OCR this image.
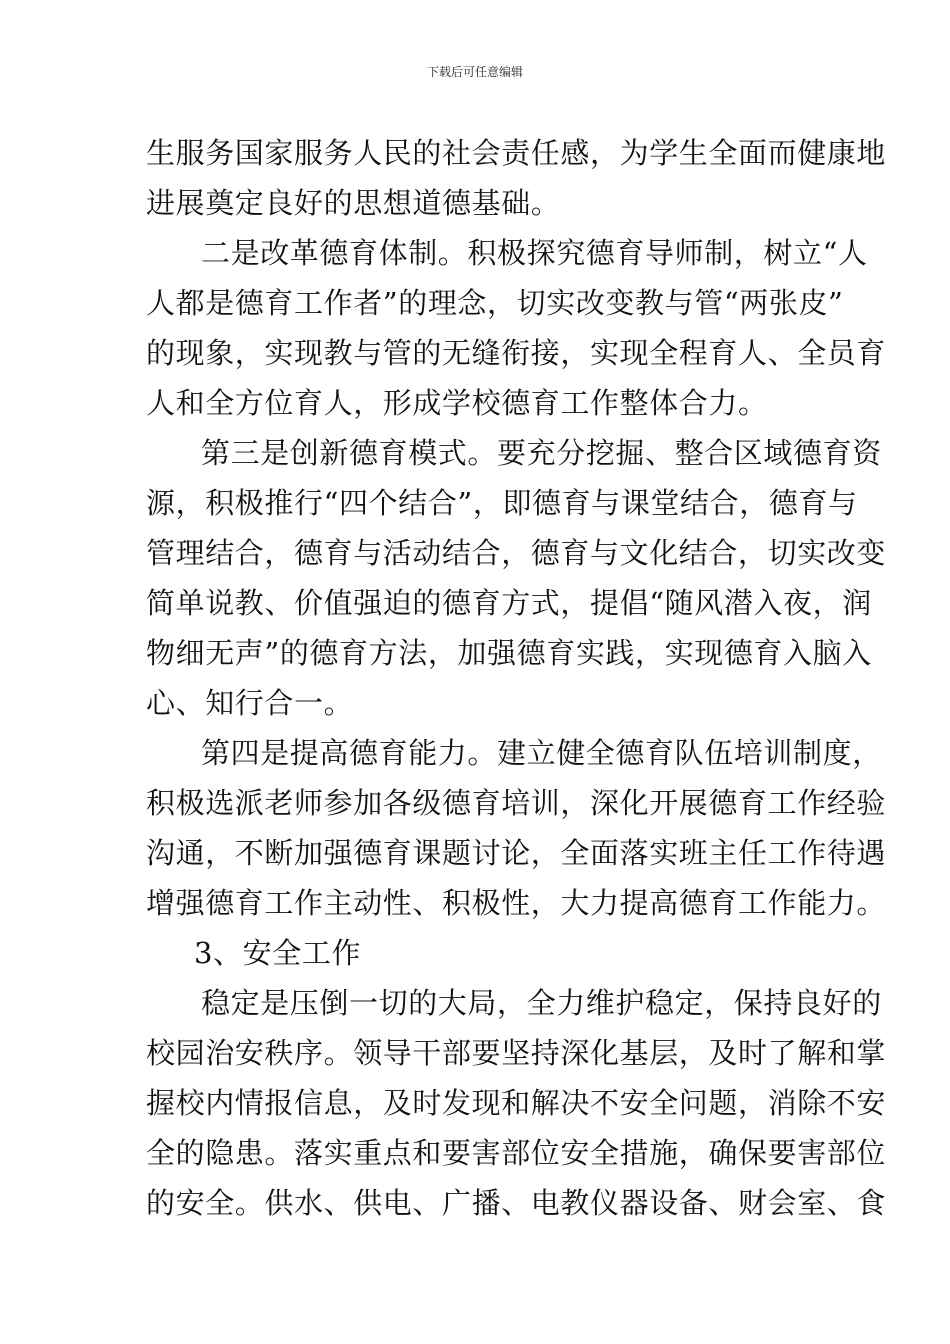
下载后可任意编辑
生服务国家服务人民的社会责任感，为学生全面而健康地
进展奠定良好的思想道德基础。
二是改革德育体制。积极探究德育导师制，树立“人
人都是德育工作者”的理念，切实改变教与管“两张皮”
的现象，实现教与管的无缝衔接，实现全程育人、全员育
人和全方位育人，形成学校德育工作整体合力。
第三是创新德育模式。要充分挖掘、整合区域德育资
源，积极推行“四个结合”，即德育与课堂结合，德育与
管理结合，德育与活动结合，德育与文化结合，切实改变
简单说教、价值强迫的德育方式，提倡“随风潜入夜，润
物细无声”的德育方法，加强德育实践，实现德育入脑入
心、知行合一。
第四是提高德育能力。建立健全德育队伍培训制度，
积极选派老师参加各级德育培训，深化开展德育工作经验
沟通，不断加强德育课题讨论，全面落实班主任工作待遇
增强德育工作主动性、积极性，大力提高德育工作能力。
3、安全工作
稳定是压倒一切的大局，全力维护稳定，保持良好的
校园治安秩序。领导干部要坚持深化基层，及时了解和掌
握校内情报信息，及时发现和解决不安全问题，消除不安
全的隐患。落实重点和要害部位安全措施，确保要害部位
的安全。供水、供电、广播、电教仪器设备、财会室、食
